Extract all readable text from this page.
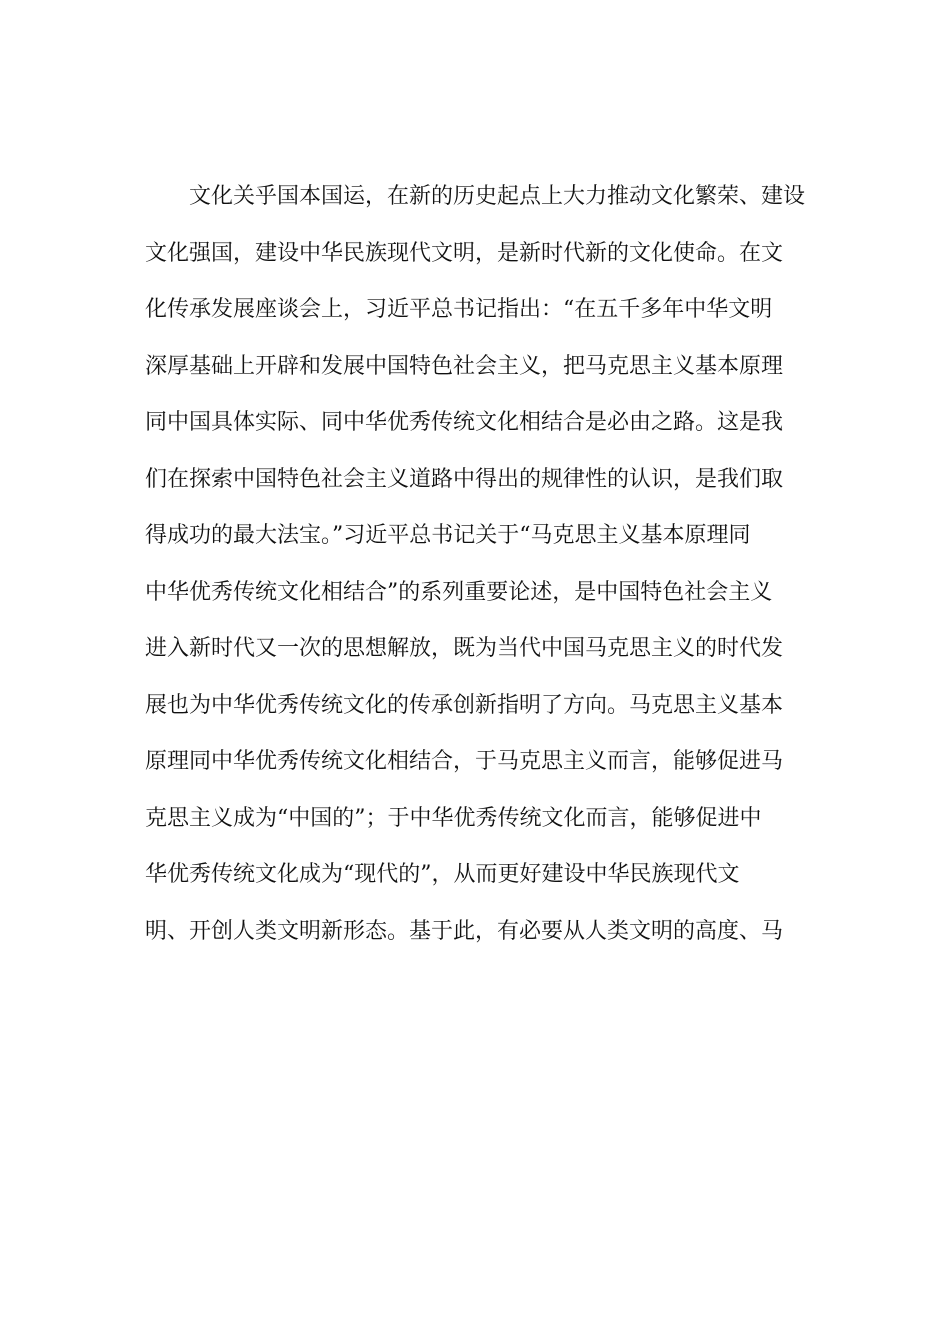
　　文化关乎国本国运，在新的历史起点上大力推动文化繁荣、建设
文化强国，建设中华民族现代文明，是新时代新的文化使命。在文
化传承发展座谈会上，习近平总书记指出：“在五千多年中华文明
深厚基础上开辟和发展中国特色社会主义，把马克思主义基本原理
同中国具体实际、同中华优秀传统文化相结合是必由之路。这是我
们在探索中国特色社会主义道路中得出的规律性的认识，是我们取
得成功的最大法宝。”习近平总书记关于“马克思主义基本原理同
中华优秀传统文化相结合”的系列重要论述，是中国特色社会主义
进入新时代又一次的思想解放，既为当代中国马克思主义的时代发
展也为中华优秀传统文化的传承创新指明了方向。马克思主义基本
原理同中华优秀传统文化相结合，于马克思主义而言，能够促进马
克思主义成为“中国的”；于中华优秀传统文化而言，能够促进中
华优秀传统文化成为“现代的”，从而更好建设中华民族现代文
明、开创人类文明新形态。基于此，有必要从人类文明的高度、马
